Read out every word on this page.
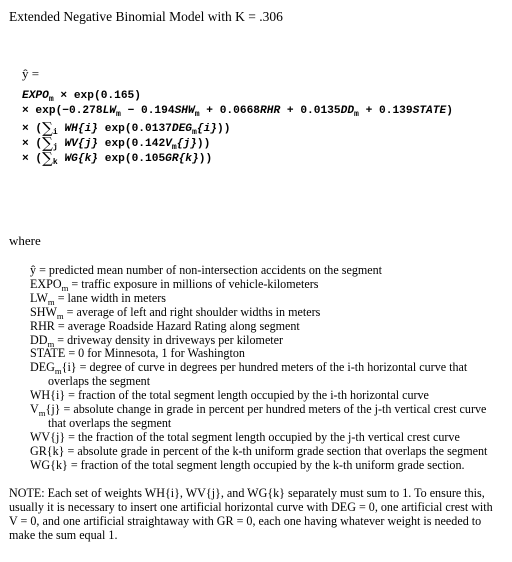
Extended Negative Binomial Model with K = .306
ŷ =
$EXPO_m \times \exp(0.165)$
× $\exp(-0.278LW_m - 0.194SHW_m + 0.0668RHR + 0.0135DD_m$ + 0.139STATE)
× ($\sum_i$ WH{i} $\exp(0.0137DEG_m\{i\})$)
× ($\sum_j$ WV{j} $\exp(0.142V_m\{j\})$)
× ($\sum_k$ WG{k} exp(0.105GR{k}))
where

ŷ = predicted mean number of non-intersection accidents on the segment

$EXPO_m$ = traffic exposure in millions of vehicle-kilometers

$LW_m$ = lane width in meters

$SHW_m$ = average of left and right shoulder widths in meters

RHR = average Roadside Hazard Rating along segment

$DD_m$ = driveway density in driveways per kilometer

STATE = 0 for Minnesota, 1 for Washington

$DEG_m\{i\}$ = degree of curve in degrees per hundred meters of the i-th horizontal curve that overlaps the segment

WH{i} = fraction of the total segment length occupied by the i-th horizontal curve

$V_m\{j\}$ = absolute change in grade in percent per hundred meters of the j-th vertical crest curve that overlaps the segment

WV{j} = the fraction of the total segment length occupied by the j-th vertical crest curve

GR{k} = absolute grade in percent of the k-th uniform grade section that overlaps the segment

WG{k} = fraction of the total segment length occupied by the k-th uniform grade section.

NOTE: Each set of weights WH{i}, WV{j}, and WG{k} separately must sum to 1. To ensure this, usually it is necessary to insert one artificial horizontal curve with DEG = 0, one artificial crest with V = 0, and one artificial straightaway with GR = 0, each one having whatever weight is needed to make the sum equal 1.
